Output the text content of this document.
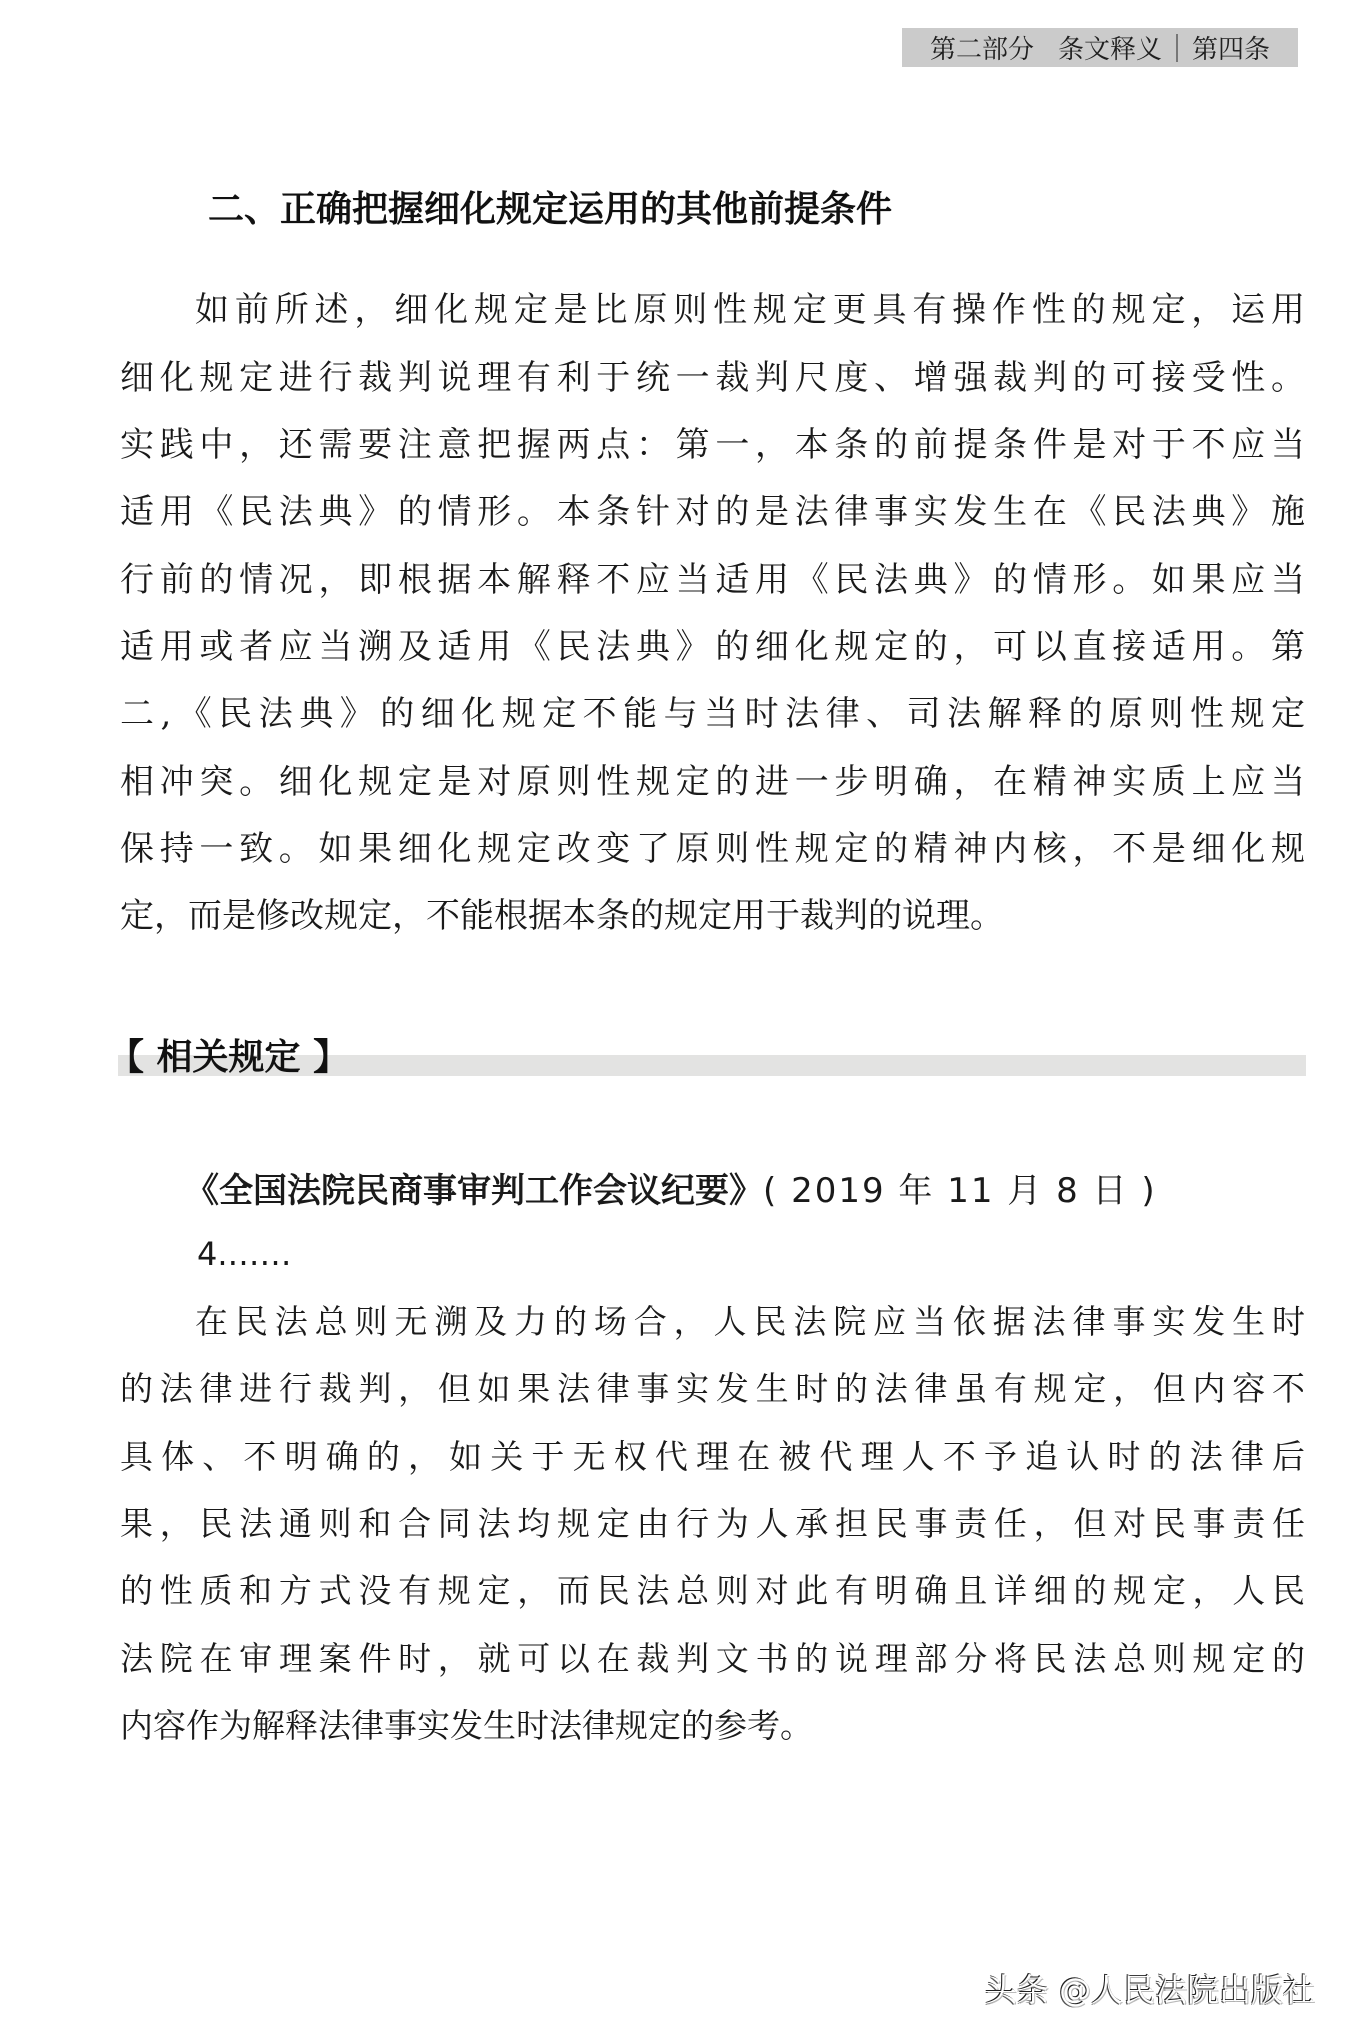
第二部分 条文释义 第四条
二、正确把握细化规定运用的其他前提条件
如前所述，细化规定是比原则性规定更具有操作性的规定，运用
细化规定进行裁判说理有利于统一裁判尺度、增强裁判的可接受性。
实践中，还需要注意把握两点：第一，本条的前提条件是对于不应当
适用《民法典》的情形。本条针对的是法律事实发生在《民法典》施
行前的情况，即根据本解释不应当适用《民法典》的情形。如果应当
适用或者应当溯及适用《民法典》的细化规定的，可以直接适用。第
二,《民法典》的细化规定不能与当时法律、司法解释的原则性规定
相冲突。细化规定是对原则性规定的进一步明确，在精神实质上应当
保持一致。如果细化规定改变了原则性规定的精神内核，不是细化规
定，而是修改规定，不能根据本条的规定用于裁判的说理。
【 相关规定 】
《全国法院民商事审判工作会议纪要》( 2019 年 11 月 8 日 )
4.……
在民法总则无溯及力的场合，人民法院应当依据法律事实发生时
的法律进行裁判，但如果法律事实发生时的法律虽有规定，但内容不
具体、不明确的，如关于无权代理在被代理人不予追认时的法律后
果，民法通则和合同法均规定由行为人承担民事责任，但对民事责任
的性质和方式没有规定，而民法总则对此有明确且详细的规定，人民
法院在审理案件时，就可以在裁判文书的说理部分将民法总则规定的
内容作为解释法律事实发生时法律规定的参考。
头条 @人民法院出版社
